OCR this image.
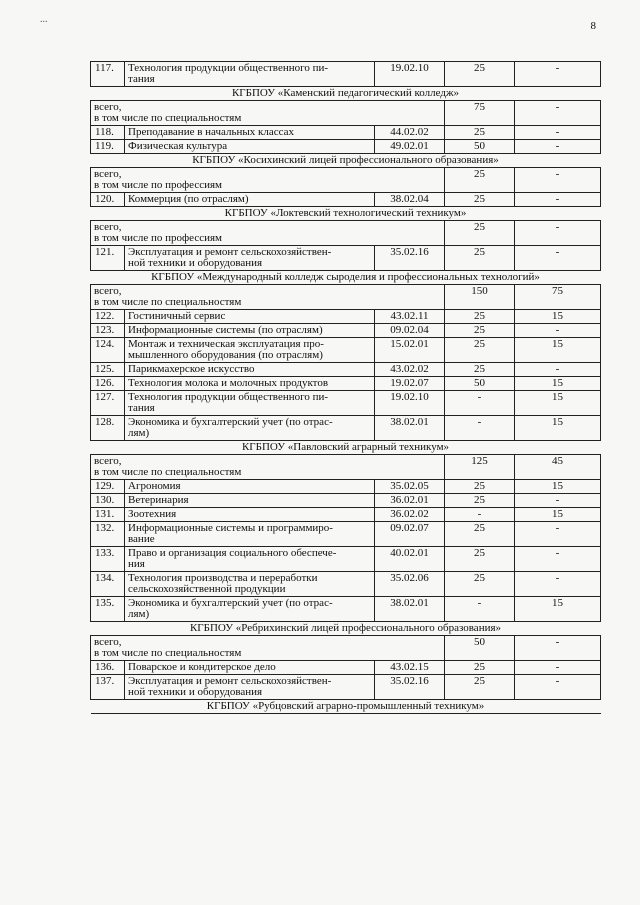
...
8
117.	Технология продукции общественного пи-
тания	19.02.10	25	-
КГБПОУ «Каменский педагогический колледж»				
всего,
в том числе по специальностям			75	-
118.	Преподавание в начальных классах	44.02.02	25	-
119.	Физическая культура	49.02.01	50	-
КГБПОУ «Косихинский лицей профессионального образования»				
всего,
в том числе по профессиям			25	-
120.	Коммерция (по отраслям)	38.02.04	25	-
КГБПОУ «Локтевский технологический техникум»				
всего,
в том числе по профессиям			25	-
121.	Эксплуатация и ремонт сельскохозяйствен-
ной техники и оборудования	35.02.16	25	-
КГБПОУ «Международный колледж сыроделия и профессиональных технологий»				
всего,
в том числе по специальностям			150	75
122.	Гостиничный сервис	43.02.11	25	15
123.	Информационные системы (по отраслям)	09.02.04	25	-
124.	Монтаж и техническая эксплуатация про-
мышленного оборудования (по отраслям)	15.02.01	25	15
125.	Парикмахерское искусство	43.02.02	25	-
126.	Технология молока и молочных продуктов	19.02.07	50	15
127.	Технология продукции общественного пи-
тания	19.02.10	-	15
128.	Экономика и бухгалтерский учет (по отрас-
лям)	38.02.01	-	15
КГБПОУ «Павловский аграрный техникум»				
всего,
в том числе по специальностям			125	45
129.	Агрономия	35.02.05	25	15
130.	Ветеринария	36.02.01	25	-
131.	Зоотехния	36.02.02	-	15
132.	Информационные системы и программиро-
вание	09.02.07	25	-
133.	Право и организация социального обеспече-
ния	40.02.01	25	-
134.	Технология производства и переработки
сельскохозяйственной продукции	35.02.06	25	-
135.	Экономика и бухгалтерский учет (по отрас-
лям)	38.02.01	-	15
КГБПОУ «Ребрихинский лицей профессионального образования»				
всего,
в том числе по специальностям			50	-
136.	Поварское и кондитерское дело	43.02.15	25	-
137.	Эксплуатация и ремонт сельскохозяйствен-
ной техники и оборудования	35.02.16	25	-
КГБПОУ «Рубцовский аграрно-промышленный техникум»				
